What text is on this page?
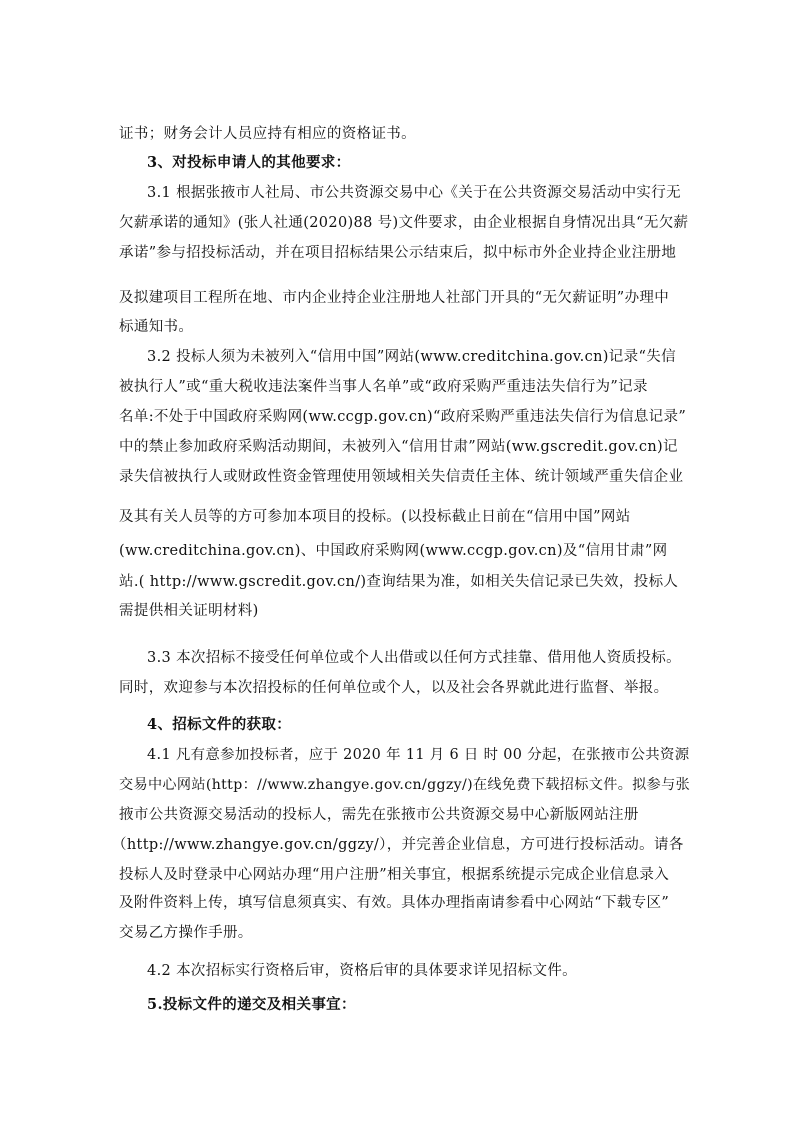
证书；财务会计人员应持有相应的资格证书。
3、对投标申请人的其他要求：
3.1 根据张掖市人社局、市公共资源交易中心《关于在公共资源交易活动中实行无
欠薪承诺的通知》(张人社通(2020)88 号)文件要求，由企业根据自身情况出具“无欠薪
承诺”参与招投标活动，并在项目招标结果公示结束后，拟中标市外企业持企业注册地
及拟建项目工程所在地、市内企业持企业注册地人社部门开具的“无欠薪证明”办理中
标通知书。
3.2 投标人须为未被列入“信用中国”网站(www.creditchina.gov.cn)记录“失信
被执行人”或“重大税收违法案件当事人名单”或“政府采购严重违法失信行为”记录
名单:不处于中国政府采购网(ww.ccgp.gov.cn)“政府采购严重违法失信行为信息记录”
中的禁止参加政府采购活动期间，未被列入“信用甘肃”网站(ww.gscredit.gov.cn)记
录失信被执行人或财政性资金管理使用领域相关失信责任主体、统计领域严重失信企业
及其有关人员等的方可参加本项目的投标。(以投标截止日前在“信用中国”网站
(ww.creditchina.gov.cn)、中国政府采购网(www.ccgp.gov.cn)及“信用甘肃”网
站.( http://www.gscredit.gov.cn/)查询结果为准，如相关失信记录已失效，投标人
需提供相关证明材料)
3.3 本次招标不接受任何单位或个人出借或以任何方式挂靠、借用他人资质投标。
同时，欢迎参与本次招投标的任何单位或个人，以及社会各界就此进行监督、举报。
4、招标文件的获取：
4.1 凡有意参加投标者，应于 2020 年 11 月 6 日 时 00 分起，在张掖市公共资源
交易中心网站(http：//www.zhangye.gov.cn/ggzy/)在线免费下载招标文件。拟参与张
掖市公共资源交易活动的投标人，需先在张掖市公共资源交易中心新版网站注册
（http://www.zhangye.gov.cn/ggzy/），并完善企业信息，方可进行投标活动。请各
投标人及时登录中心网站办理“用户注册”相关事宜，根据系统提示完成企业信息录入
及附件资料上传，填写信息须真实、有效。具体办理指南请参看中心网站“下载专区”
交易乙方操作手册。
4.2 本次招标实行资格后审，资格后审的具体要求详见招标文件。
5.投标文件的递交及相关事宜：
